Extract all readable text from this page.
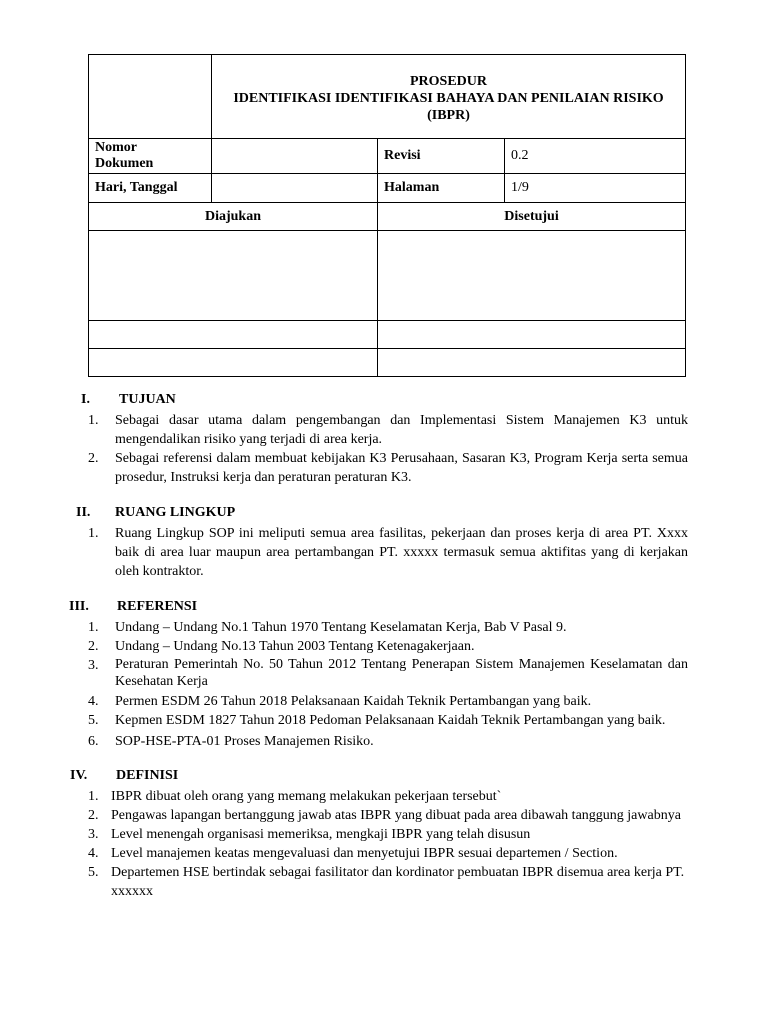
	PROSEDUR
IDENTIFIKASI IDENTIFIKASI BAHAYA DAN PENILAIAN RISIKO
(IBPR)		

Nomor
Dokumen		Revisi	0.2
Hari, Tanggal		Halaman	1/9
Diajukan		Disetujui	

I. TUJUAN
1. Sebagai dasar utama dalam pengembangan dan Implementasi Sistem Manajemen K3 untuk mengendalikan risiko yang terjadi di area kerja.
2. Sebagai referensi dalam membuat kebijakan K3 Perusahaan, Sasaran K3, Program Kerja serta semua prosedur, Instruksi kerja dan peraturan peraturan K3.
II. RUANG LINGKUP
1. Ruang Lingkup SOP ini meliputi semua area fasilitas, pekerjaan dan proses kerja di area PT. Xxxx baik di area luar maupun area pertambangan PT. xxxxx termasuk semua aktifitas yang di kerjakan oleh kontraktor.
III. REFERENSI
1. Undang – Undang No.1 Tahun 1970 Tentang Keselamatan Kerja, Bab V Pasal 9.
2. Undang – Undang No.13 Tahun 2003 Tentang Ketenagakerjaan.
3. Peraturan Pemerintah No. 50 Tahun 2012 Tentang Penerapan Sistem Manajemen Keselamatan dan Kesehatan Kerja
4. Permen ESDM 26 Tahun 2018 Pelaksanaan Kaidah Teknik Pertambangan yang baik.
5. Kepmen ESDM 1827 Tahun 2018 Pedoman Pelaksanaan Kaidah Teknik Pertambangan yang baik.
6. SOP-HSE-PTA-01 Proses Manajemen Risiko.
IV. DEFINISI
1. IBPR dibuat oleh orang yang memang melakukan pekerjaan tersebut`
2. Pengawas lapangan bertanggung jawab atas IBPR yang dibuat pada area dibawah tanggung jawabnya
3. Level menengah organisasi memeriksa, mengkaji IBPR yang telah disusun
4. Level manajemen keatas mengevaluasi dan menyetujui IBPR sesuai departemen / Section.
5. Departemen HSE bertindak sebagai fasilitator dan kordinator pembuatan IBPR disemua area kerja PT. xxxxxx
